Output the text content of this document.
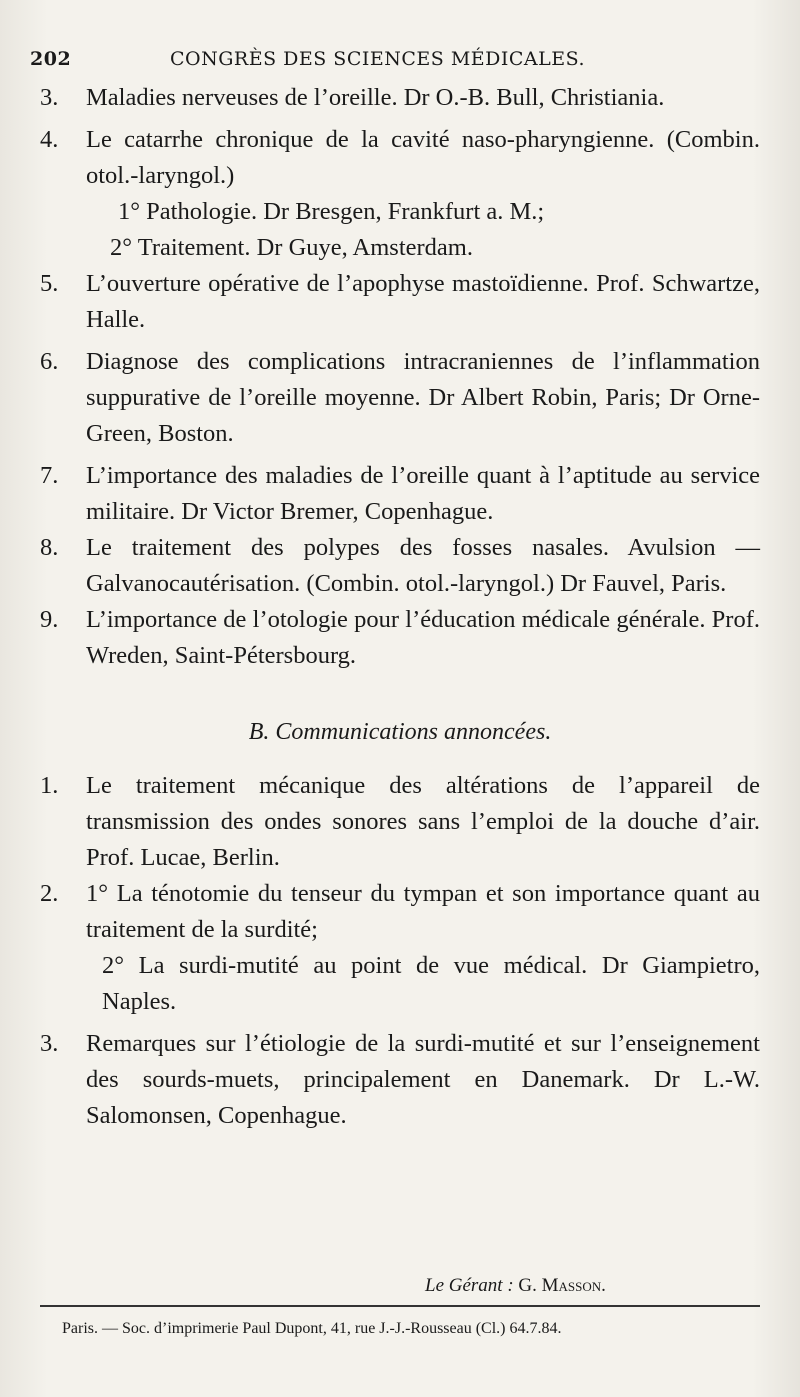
202	CONGRÈS DES SCIENCES MÉDICALES.

3. Maladies nerveuses de l’oreille. Dr O.-B. Bull, Christiania.

4. Le catarrhe chronique de la cavité naso-pharyngienne. (Combin. otol.-laryngol.)

1° Pathologie. Dr Bresgen, Frankfurt a. M.;

2° Traitement. Dr Guye, Amsterdam.

5. L’ouverture opérative de l’apophyse mastoïdienne. Prof. Schwartze, Halle.

6. Diagnose des complications intracraniennes de l’inflammation suppurative de l’oreille moyenne. Dr Albert Robin, Paris; Dr Orne-Green, Boston.

7. L’importance des maladies de l’oreille quant à l’aptitude au service militaire. Dr Victor Bremer, Copenhague.

8. Le traitement des polypes des fosses nasales. Avulsion —Galvanocautérisation. (Combin. otol.-laryngol.) Dr Fauvel, Paris.

9. L’importance de l’otologie pour l’éducation médicale générale. Prof. Wreden, Saint-Pétersbourg.

B. Communications annoncées.

1. Le traitement mécanique des altérations de l’appareil de transmission des ondes sonores sans l’emploi de la douche d’air. Prof. Lucae, Berlin.

2. 1° La ténotomie du tenseur du tympan et son importance quant au traitement de la surdité;

2° La surdi-mutité au point de vue médical. Dr Giampietro, Naples.

3. Remarques sur l’étiologie de la surdi-mutité et sur l’enseignement des sourds-muets, principalement en Danemark. Dr L.-W. Salomonsen, Copenhague.

Le Gérant : G. Masson.
Paris. — Soc. d’imprimerie Paul Dupont, 41, rue J.-J.-Rousseau (Cl.) 64.7.84.
